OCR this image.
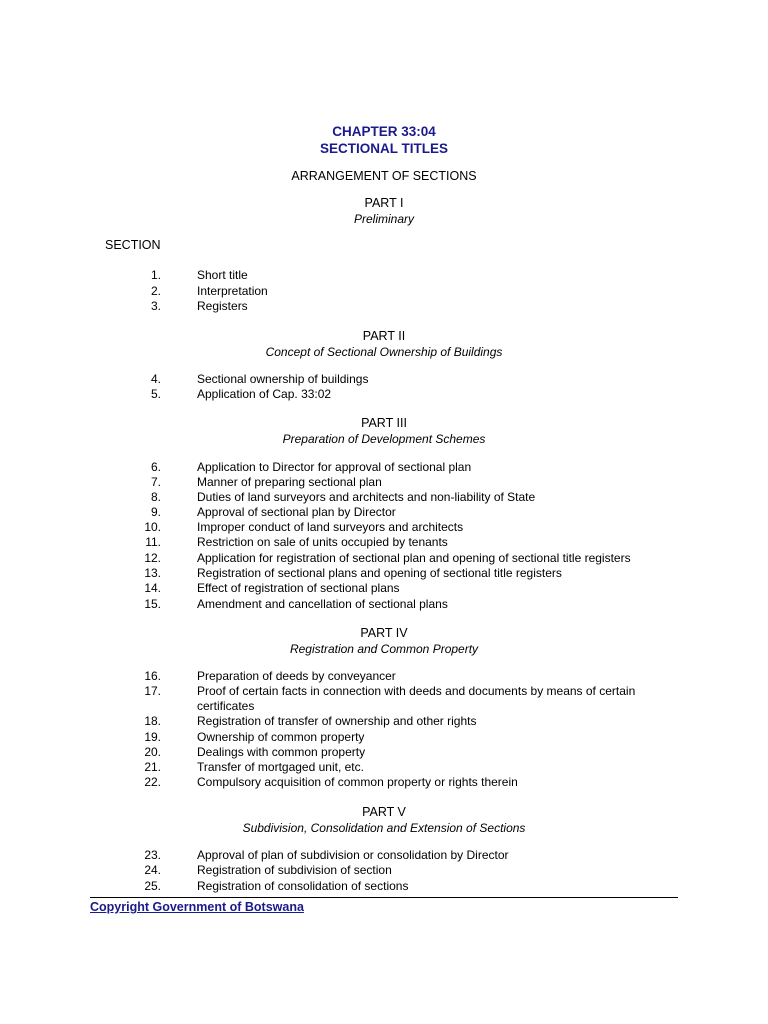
CHAPTER 33:04
SECTIONAL TITLES
ARRANGEMENT OF SECTIONS
PART I
Preliminary
SECTION
1.	Short title
2.	Interpretation
3.	Registers
PART II
Concept of Sectional Ownership of Buildings
4.	Sectional ownership of buildings
5.	Application of Cap. 33:02
PART III
Preparation of Development Schemes
6.	Application to Director for approval of sectional plan
7.	Manner of preparing sectional plan
8.	Duties of land surveyors and architects and non-liability of State
9.	Approval of sectional plan by Director
10.	Improper conduct of land surveyors and architects
11.	Restriction on sale of units occupied by tenants
12.	Application for registration of sectional plan and opening of sectional title registers
13.	Registration of sectional plans and opening of sectional title registers
14.	Effect of registration of sectional plans
15.	Amendment and cancellation of sectional plans
PART IV
Registration and Common Property
16.	Preparation of deeds by conveyancer
17.	Proof of certain facts in connection with deeds and documents by means of certain certificates
18.	Registration of transfer of ownership and other rights
19.	Ownership of common property
20.	Dealings with common property
21.	Transfer of mortgaged unit, etc.
22.	Compulsory acquisition of common property or rights therein
PART V
Subdivision, Consolidation and Extension of Sections
23.	Approval of plan of subdivision or consolidation by Director
24.	Registration of subdivision of section
25.	Registration of consolidation of sections
Copyright Government of Botswana
